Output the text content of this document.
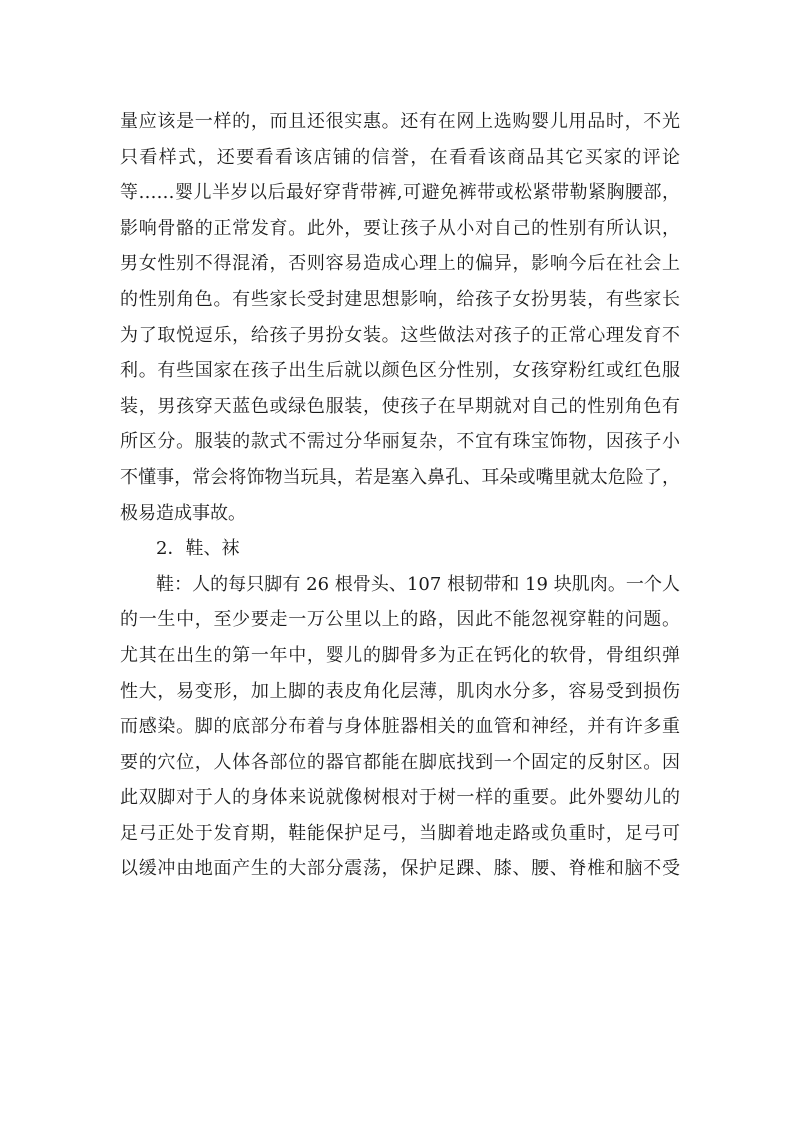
量应该是一样的，而且还很实惠。还有在网上选购婴儿用品时，不光
只看样式，还要看看该店铺的信誉，在看看该商品其它买家的评论
等……婴儿半岁以后最好穿背带裤,可避免裤带或松紧带勒紧胸腰部，
影响骨骼的正常发育。此外，要让孩子从小对自己的性别有所认识，
男女性别不得混淆，否则容易造成心理上的偏异，影响今后在社会上
的性别角色。有些家长受封建思想影响，给孩子女扮男装，有些家长
为了取悦逗乐，给孩子男扮女装。这些做法对孩子的正常心理发育不
利。有些国家在孩子出生后就以颜色区分性别，女孩穿粉红或红色服
装，男孩穿天蓝色或绿色服装，使孩子在早期就对自己的性别角色有
所区分。服装的款式不需过分华丽复杂，不宜有珠宝饰物，因孩子小
不懂事，常会将饰物当玩具，若是塞入鼻孔、耳朵或嘴里就太危险了，
极易造成事故。
2．鞋、袜
鞋：人的每只脚有 26 根骨头、107 根韧带和 19 块肌肉。一个人
的一生中，至少要走一万公里以上的路，因此不能忽视穿鞋的问题。
尤其在出生的第一年中，婴儿的脚骨多为正在钙化的软骨，骨组织弹
性大，易变形，加上脚的表皮角化层薄，肌肉水分多，容易受到损伤
而感染。脚的底部分布着与身体脏器相关的血管和神经，并有许多重
要的穴位，人体各部位的器官都能在脚底找到一个固定的反射区。因
此双脚对于人的身体来说就像树根对于树一样的重要。此外婴幼儿的
足弓正处于发育期，鞋能保护足弓，当脚着地走路或负重时，足弓可
以缓冲由地面产生的大部分震荡，保护足踝、膝、腰、脊椎和脑不受
